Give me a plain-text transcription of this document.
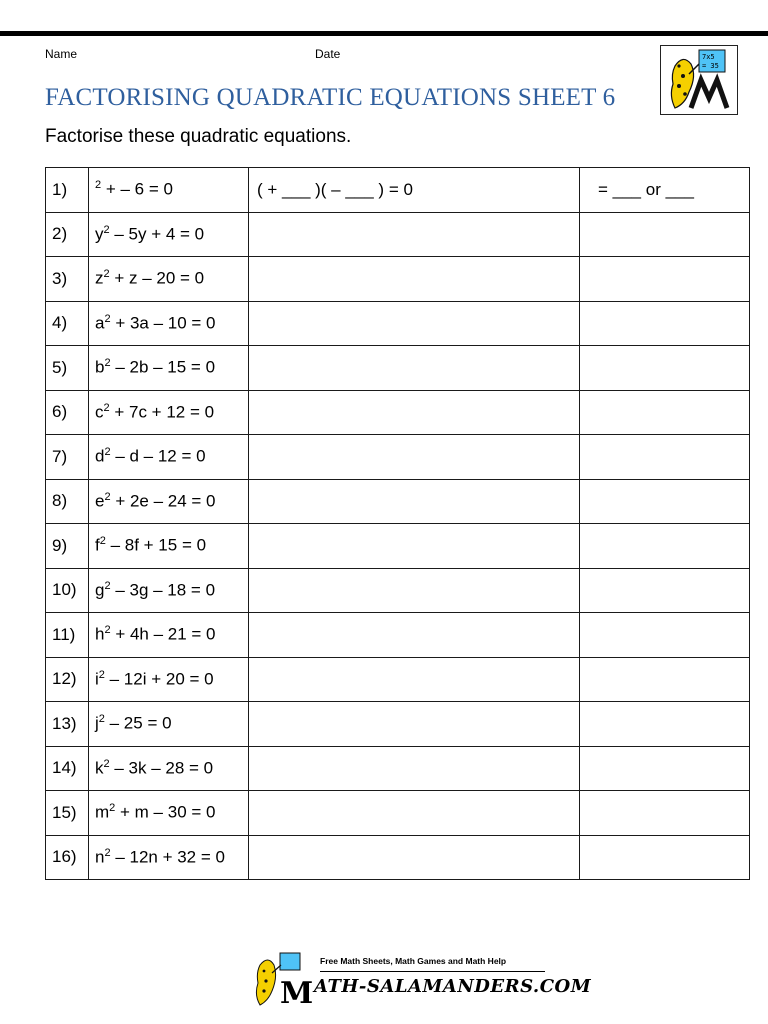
Name	Date
FACTORISING QUADRATIC EQUATIONS SHEET 6
Factorise these quadratic equations.
7x5
= 35
1)	$^2$ + – 6 = 0	( + ___ )( – ___ ) = 0	= ___ or ___
2)	$y^2 - 5y + 4 = 0$		
3)	$z^2 + z - 20 = 0$		
4)	$a^2 + 3a - 10 = 0$		
5)	$b^2 - 2b - 15 = 0$		
6)	$c^2 + 7c + 12 = 0$		
7)	$d^2 - d - 12 = 0$		
8)	$e^2 + 2e - 24 = 0$		
9)	$f^2 - 8f + 15 = 0$		
10)	$g^2 - 3g - 18 = 0$		
11)	$h^2 + 4h - 21 = 0$		
12)	$i^2 - 12i + 20 = 0$		
13)	$j^2 - 25 = 0$		
14)	$k^2 - 3k - 28 = 0$		
15)	$m^2 + m - 30 = 0$		
16)	$n^2 - 12n + 32 = 0$		
M
Free Math Sheets, Math Games and Math Help
ATH-SALAMANDERS.COM
